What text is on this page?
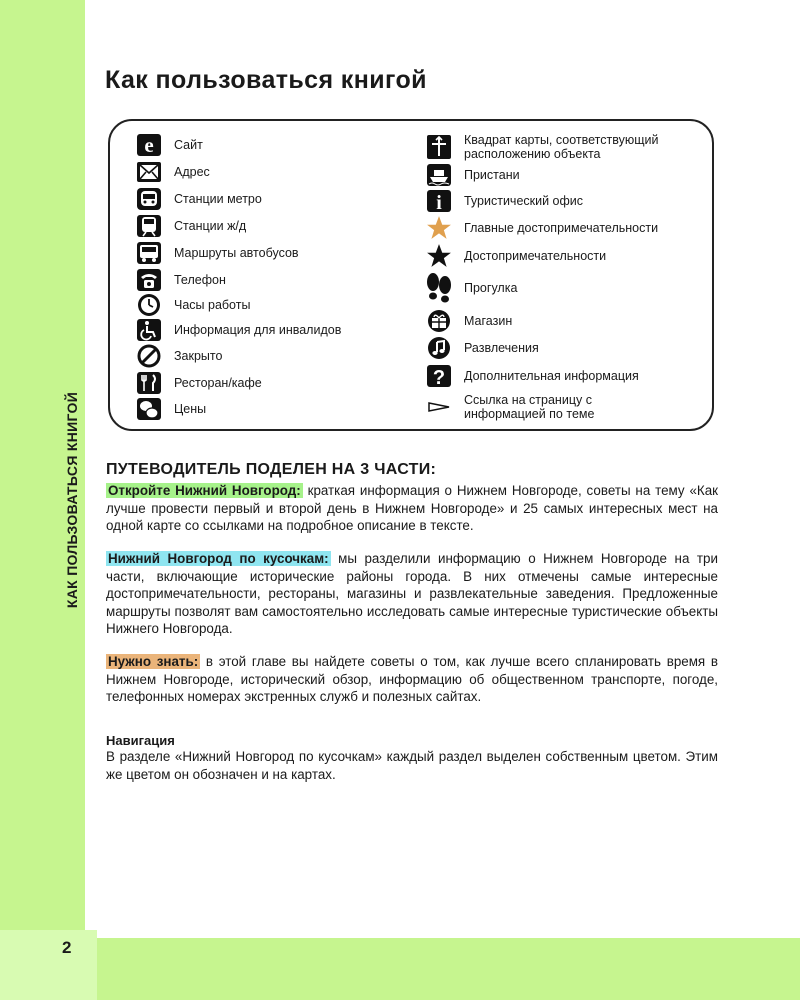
2
КАК ПОЛЬЗОВАТЬСЯ КНИГОЙ
Как пользоваться книгой
e Сайт
Адрес
Станции метро
Станции ж/д
Маршруты автобусов
Телефон
Часы работы
Информация для инвалидов
Закрыто
Ресторан/кафе
Цены
Квадрат карты, соответствующий расположению объекта
Пристани
i Туристический офис
Главные достопримечательности
Достопримечательности
Прогулка
Магазин
Развлечения
? Дополнительная информация
Ссылка на страницу с информацией по теме
ПУТЕВОДИТЕЛЬ ПОДЕЛЕН НА 3 ЧАСТИ:

Откройте Нижний Новгород: краткая информация о Нижнем Новгороде, советы на тему «Как лучше провести первый и второй день в Нижнем Новгороде» и 25 самых интересных мест на одной карте со ссылками на подробное описание в тексте.

Нижний Новгород по кусочкам: мы разделили информацию о Нижнем Новгороде на три части, включающие исторические районы города. В них отмечены самые интересные достопримечательности, рестораны, магазины и развлекательные заведения. Предложенные маршруты позволят вам самостоятельно исследовать самые интересные туристические объекты Нижнего Новгорода.

Нужно знать: в этой главе вы найдете советы о том, как лучше всего спланировать время в Нижнем Новгороде, исторический обзор, информацию об общественном транспорте, погоде, телефонных номерах экстренных служб и полезных сайтах.

Навигация

В разделе «Нижний Новгород по кусочкам» каждый раздел выделен собственным цветом. Этим же цветом он обозначен и на картах.
